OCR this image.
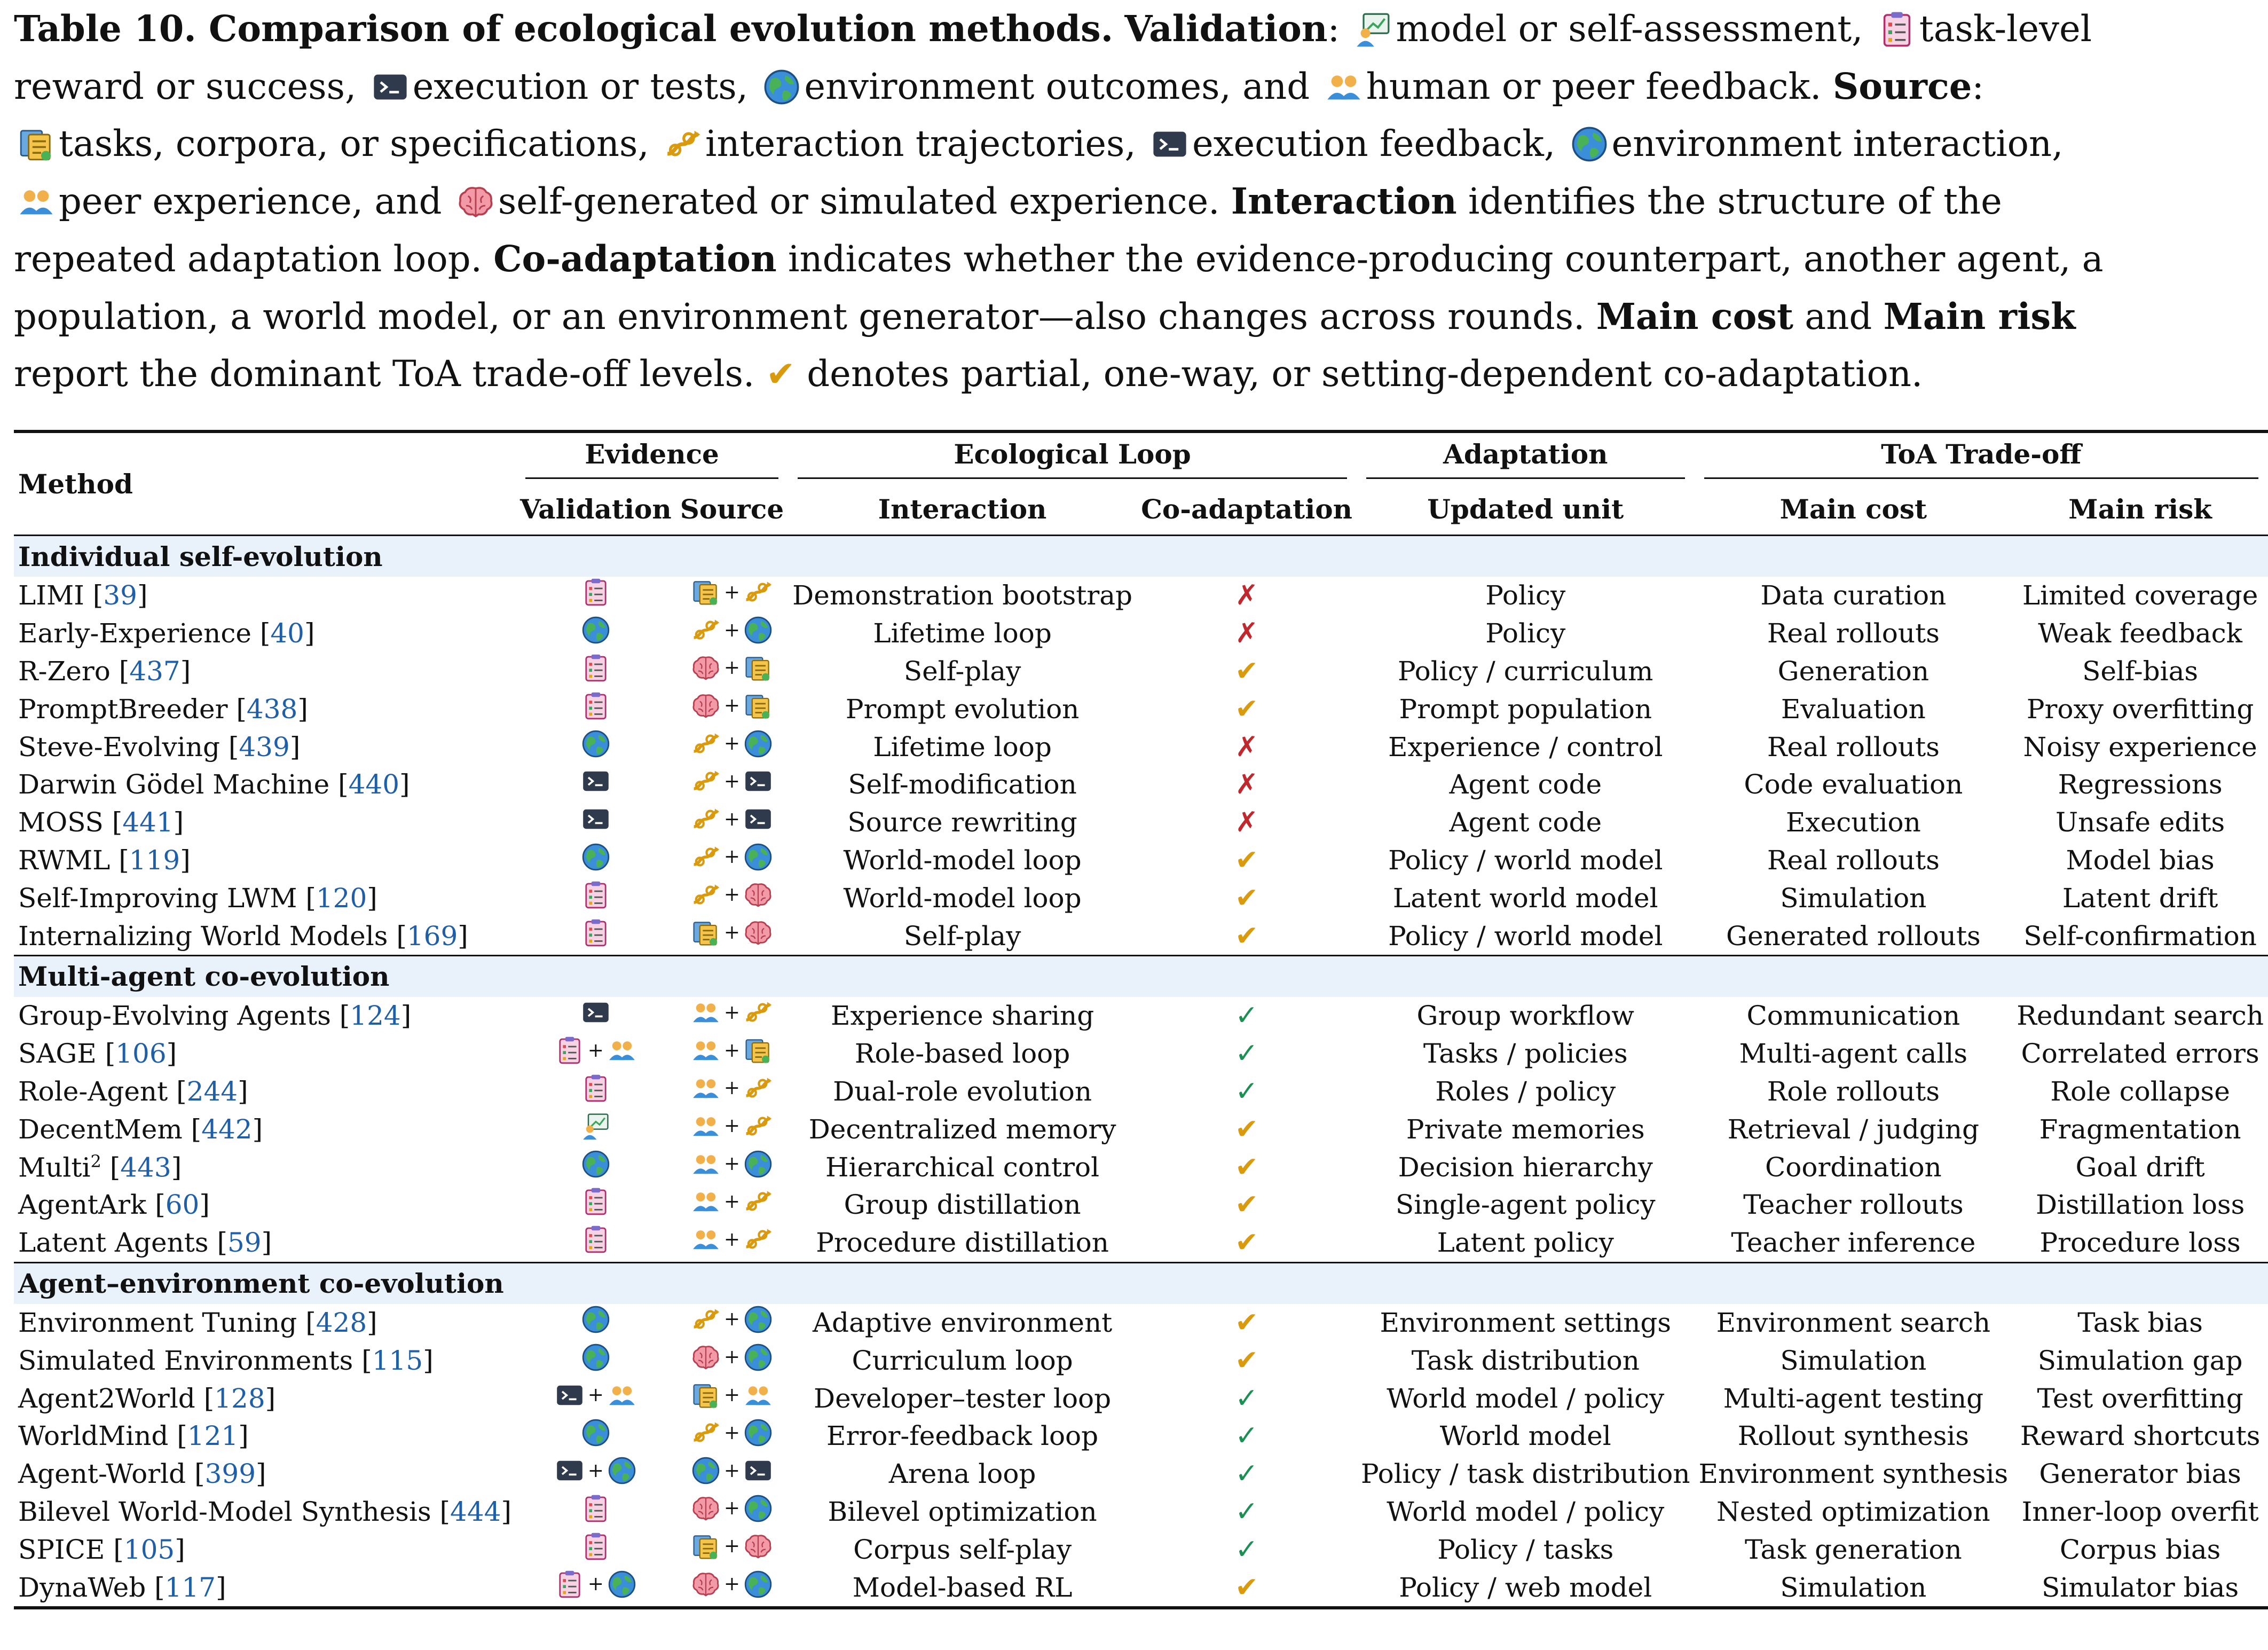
Table 10. Comparison of ecological evolution methods. Validation: model or self-assessment, task-level
reward or success, execution or tests, environment outcomes, and human or peer feedback. Source:
tasks, corpora, or specifications, interaction trajectories, execution feedback, environment interaction,
peer experience, and self-generated or simulated experience. Interaction identifies the structure of the
repeated adaptation loop. Co-adaptation indicates whether the evidence-producing counterpart, another agent, a
population, a world model, or an environment generator—also changes across rounds. Main cost and Main risk
report the dominant ToA trade-off levels. ✔ denotes partial, one-way, or setting-dependent co-adaptation.
Method	Evidence		Ecological Loop		Adaptation	ToA Trade-off	

	Validation	Source	Interaction	Co-adaptation	Updated unit	Main cost	Main risk
Individual self-evolution							
LIMI [39]		+	Demonstration bootstrap	✗	Policy	Data curation	Limited coverage
Early-Experience [40]		+	Lifetime loop	✗	Policy	Real rollouts	Weak feedback
R-Zero [437]		+	Self-play	✔	Policy / curriculum	Generation	Self-bias
PromptBreeder [438]		+	Prompt evolution	✔	Prompt population	Evaluation	Proxy overfitting
Steve-Evolving [439]		+	Lifetime loop	✗	Experience / control	Real rollouts	Noisy experience
Darwin Gödel Machine [440]		+	Self-modification	✗	Agent code	Code evaluation	Regressions
MOSS [441]		+	Source rewriting	✗	Agent code	Execution	Unsafe edits
RWML [119]		+	World-model loop	✔	Policy / world model	Real rollouts	Model bias
Self-Improving LWM [120]		+	World-model loop	✔	Latent world model	Simulation	Latent drift
Internalizing World Models [169]		+	Self-play	✔	Policy / world model	Generated rollouts	Self-confirmation
Multi-agent co-evolution							
Group-Evolving Agents [124]		+	Experience sharing	✓	Group workflow	Communication	Redundant search
SAGE [106]	+	+	Role-based loop	✓	Tasks / policies	Multi-agent calls	Correlated errors
Role-Agent [244]		+	Dual-role evolution	✓	Roles / policy	Role rollouts	Role collapse
DecentMem [442]		+	Decentralized memory	✔	Private memories	Retrieval / judging	Fragmentation
Multi$^2$ [443]		+	Hierarchical control	✔	Decision hierarchy	Coordination	Goal drift
AgentArk [60]		+	Group distillation	✔	Single-agent policy	Teacher rollouts	Distillation loss
Latent Agents [59]		+	Procedure distillation	✔	Latent policy	Teacher inference	Procedure loss
Agent–environment co-evolution							
Environment Tuning [428]		+	Adaptive environment	✔	Environment settings	Environment search	Task bias
Simulated Environments [115]		+	Curriculum loop	✔	Task distribution	Simulation	Simulation gap
Agent2World [128]	+	+	Developer–tester loop	✓	World model / policy	Multi-agent testing	Test overfitting
WorldMind [121]		+	Error-feedback loop	✓	World model	Rollout synthesis	Reward shortcuts
Agent-World [399]	+	+	Arena loop	✓	Policy / task distribution	Environment synthesis	Generator bias
Bilevel World-Model Synthesis [444]		+	Bilevel optimization	✓	World model / policy	Nested optimization	Inner-loop overfit
SPICE [105]		+	Corpus self-play	✓	Policy / tasks	Task generation	Corpus bias
DynaWeb [117]	+	+	Model-based RL	✔	Policy / web model	Simulation	Simulator bias
